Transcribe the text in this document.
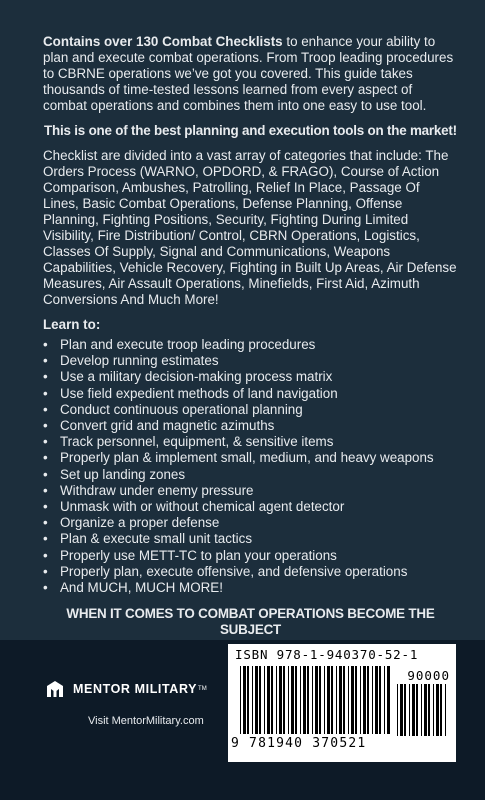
Contains over 130 Combat Checklists to enhance your ability to plan and execute combat operations. From Troop leading procedures to CBRNE operations we’ve got you covered. This guide takes thousands of time-tested lessons learned from every aspect of combat operations and combines them into one easy to use tool.

This is one of the best planning and execution tools on the market!

Checklist are divided into a vast array of categories that include: The Orders Process (WARNO, OPDORD, & FRAGO), Course of Action Comparison, Ambushes, Patrolling, Relief In Place, Passage Of Lines, Basic Combat Operations, Defense Planning, Offense Planning, Fighting Positions, Security, Fighting During Limited Visibility, Fire Distribution/ Control, CBRN Operations, Logistics, Classes Of Supply, Signal and Communications, Weapons Capabilities, Vehicle Recovery, Fighting in Built Up Areas, Air Defense Measures, Air Assault Operations, Minefields, First Aid, Azimuth Conversions And Much More!

Learn to:

• Plan and execute troop leading procedures
• Develop running estimates
• Use a military decision-making process matrix
• Use field expedient methods of land navigation
• Conduct continuous operational planning
• Convert grid and magnetic azimuths
• Track personnel, equipment, & sensitive items
• Properly plan & implement small, medium, and heavy weapons
• Set up landing zones
• Withdraw under enemy pressure
• Unmask with or without chemical agent detector
• Organize a proper defense
• Plan & execute small unit tactics
• Properly use METT-TC to plan your operations
• Properly plan, execute offensive, and defensive operations
• And MUCH, MUCH MORE!
WHEN IT COMES TO COMBAT OPERATIONS BECOME THE SUBJECT
MENTOR MILITARY TM
Visit MentorMilitary.com
ISBN 978-1-940370-52-1
90000
9 781940 370521
